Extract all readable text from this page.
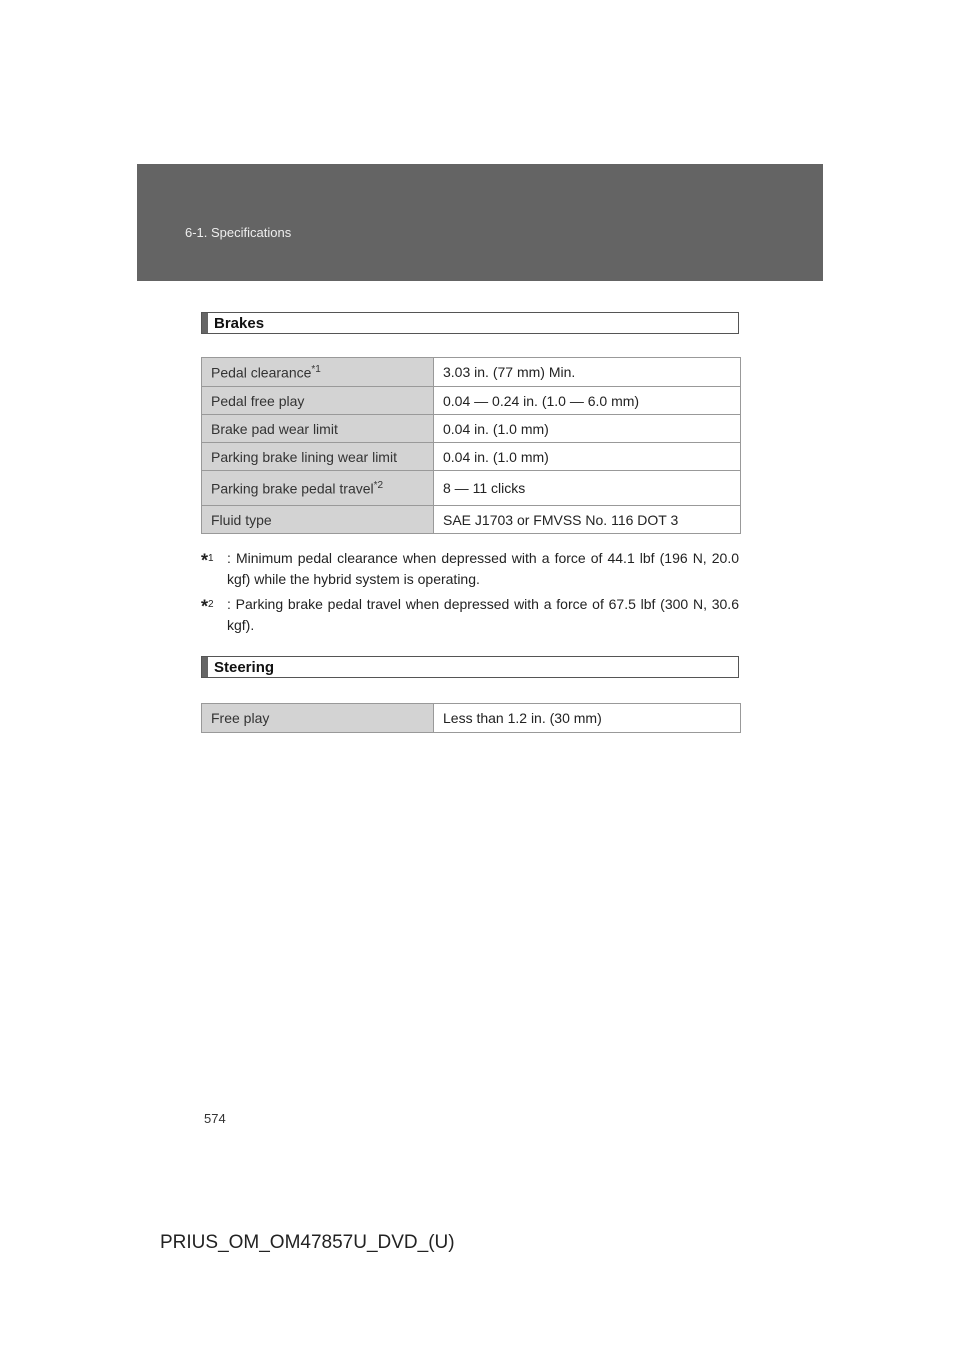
6-1. Specifications
Brakes
Pedal clearance$^{*1}$	3.03 in. (77 mm) Min.
Pedal free play	0.04 — 0.24 in. (1.0 — 6.0 mm)
Brake pad wear limit	0.04 in. (1.0 mm)
Parking brake lining wear limit	0.04 in. (1.0 mm)
Parking brake pedal travel$^{*2}$	8 — 11 clicks
Fluid type	SAE J1703 or FMVSS No. 116 DOT 3
*$^1$ : Minimum pedal clearance when depressed with a force of 44.1 lbf (196 N, 20.0 kgf) while the hybrid system is operating.
*$^2$ : Parking brake pedal travel when depressed with a force of 67.5 lbf (300 N, 30.6 kgf).
Steering
Free play	Less than 1.2 in. (30 mm)
574
PRIUS_OM_OM47857U_DVD_(U)
